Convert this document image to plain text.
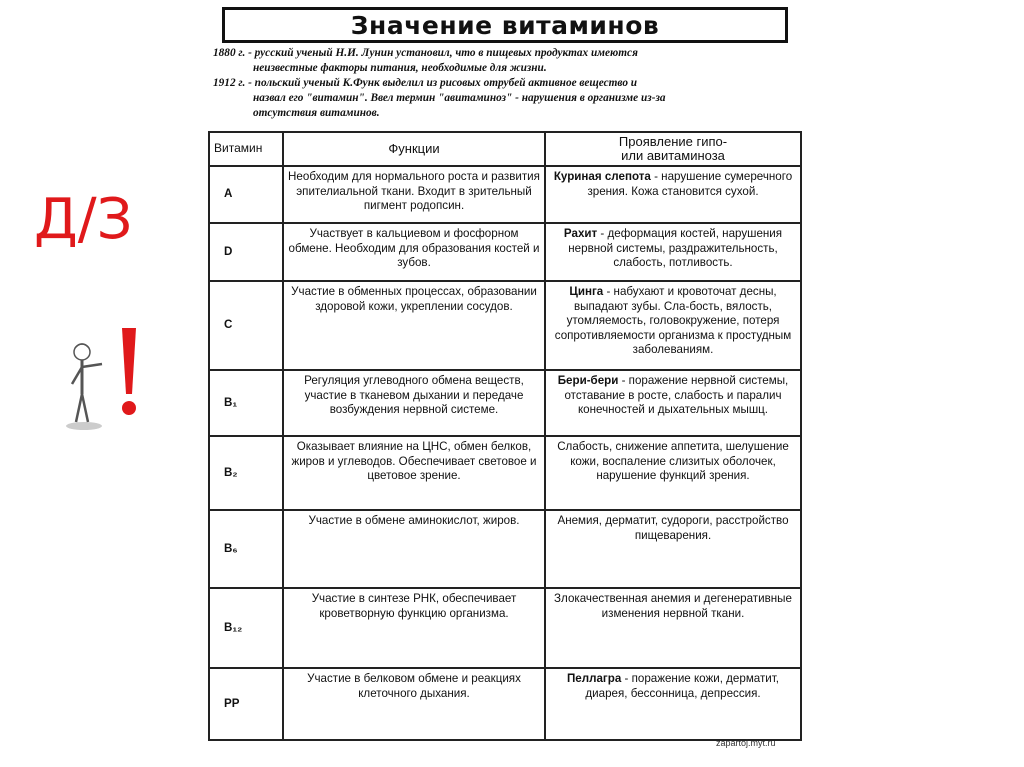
Значение витаминов
1880 г. - русский ученый Н.И. Лунин установил, что в пищевых продуктах имеются
неизвестные факторы питания, необходимые для жизни.
1912 г. - польский ученый К.Функ выделил из рисовых отрубей активное вещество и
назвал его "витамин". Ввел термин "авитаминоз" - нарушения в организме из-за
отсутствия витаминов.
Д/З
Витамин	Функции	Проявление гипо-
или авитаминоза
A	Необходим для нормального роста и развития эпителиальной ткани. Входит в зрительный пигмент родопсин.	Куриная слепота - нарушение сумеречного зрения. Кожа становится сухой.
D	Участвует в кальциевом и фосфорном обмене. Необходим для образования костей и зубов.	Рахит - деформация костей, нарушения нервной системы, раздражительность, слабость, потливость.
C	Участие в обменных процессах, образовании здоровой кожи, укреплении сосудов.	Цинга - набухают и кровоточат десны, выпадают зубы. Сла-бость, вялость, утомляемость, головокружение, потеря сопротивляемости организма к простудным заболеваниям.
B₁	Регуляция углеводного обмена веществ, участие в тканевом дыхании и передаче возбуждения нервной системе.	Бери-бери - поражение нервной системы, отставание в росте, слабость и паралич конечностей и дыхательных мышц.
B₂	Оказывает влияние на ЦНС, обмен белков, жиров и углеводов. Обеспечивает световое и цветовое зрение.	Слабость, снижение аппетита, шелушение кожи, воспаление слизитых оболочек, нарушение функций зрения.
B₆	Участие в обмене аминокислот, жиров.	Анемия, дерматит, судороги, расстройство пищеварения.
B₁₂	Участие в синтезе РНК, обеспечивает кроветворную функцию организма.	Злокачественная анемия и дегенеративные изменения нервной ткани.
PP	Участие в белковом обмене и реакциях клеточного дыхания.	Пеллагра - поражение кожи, дерматит, диарея, бессонница, депрессия.
zapartoj.myt.ru
